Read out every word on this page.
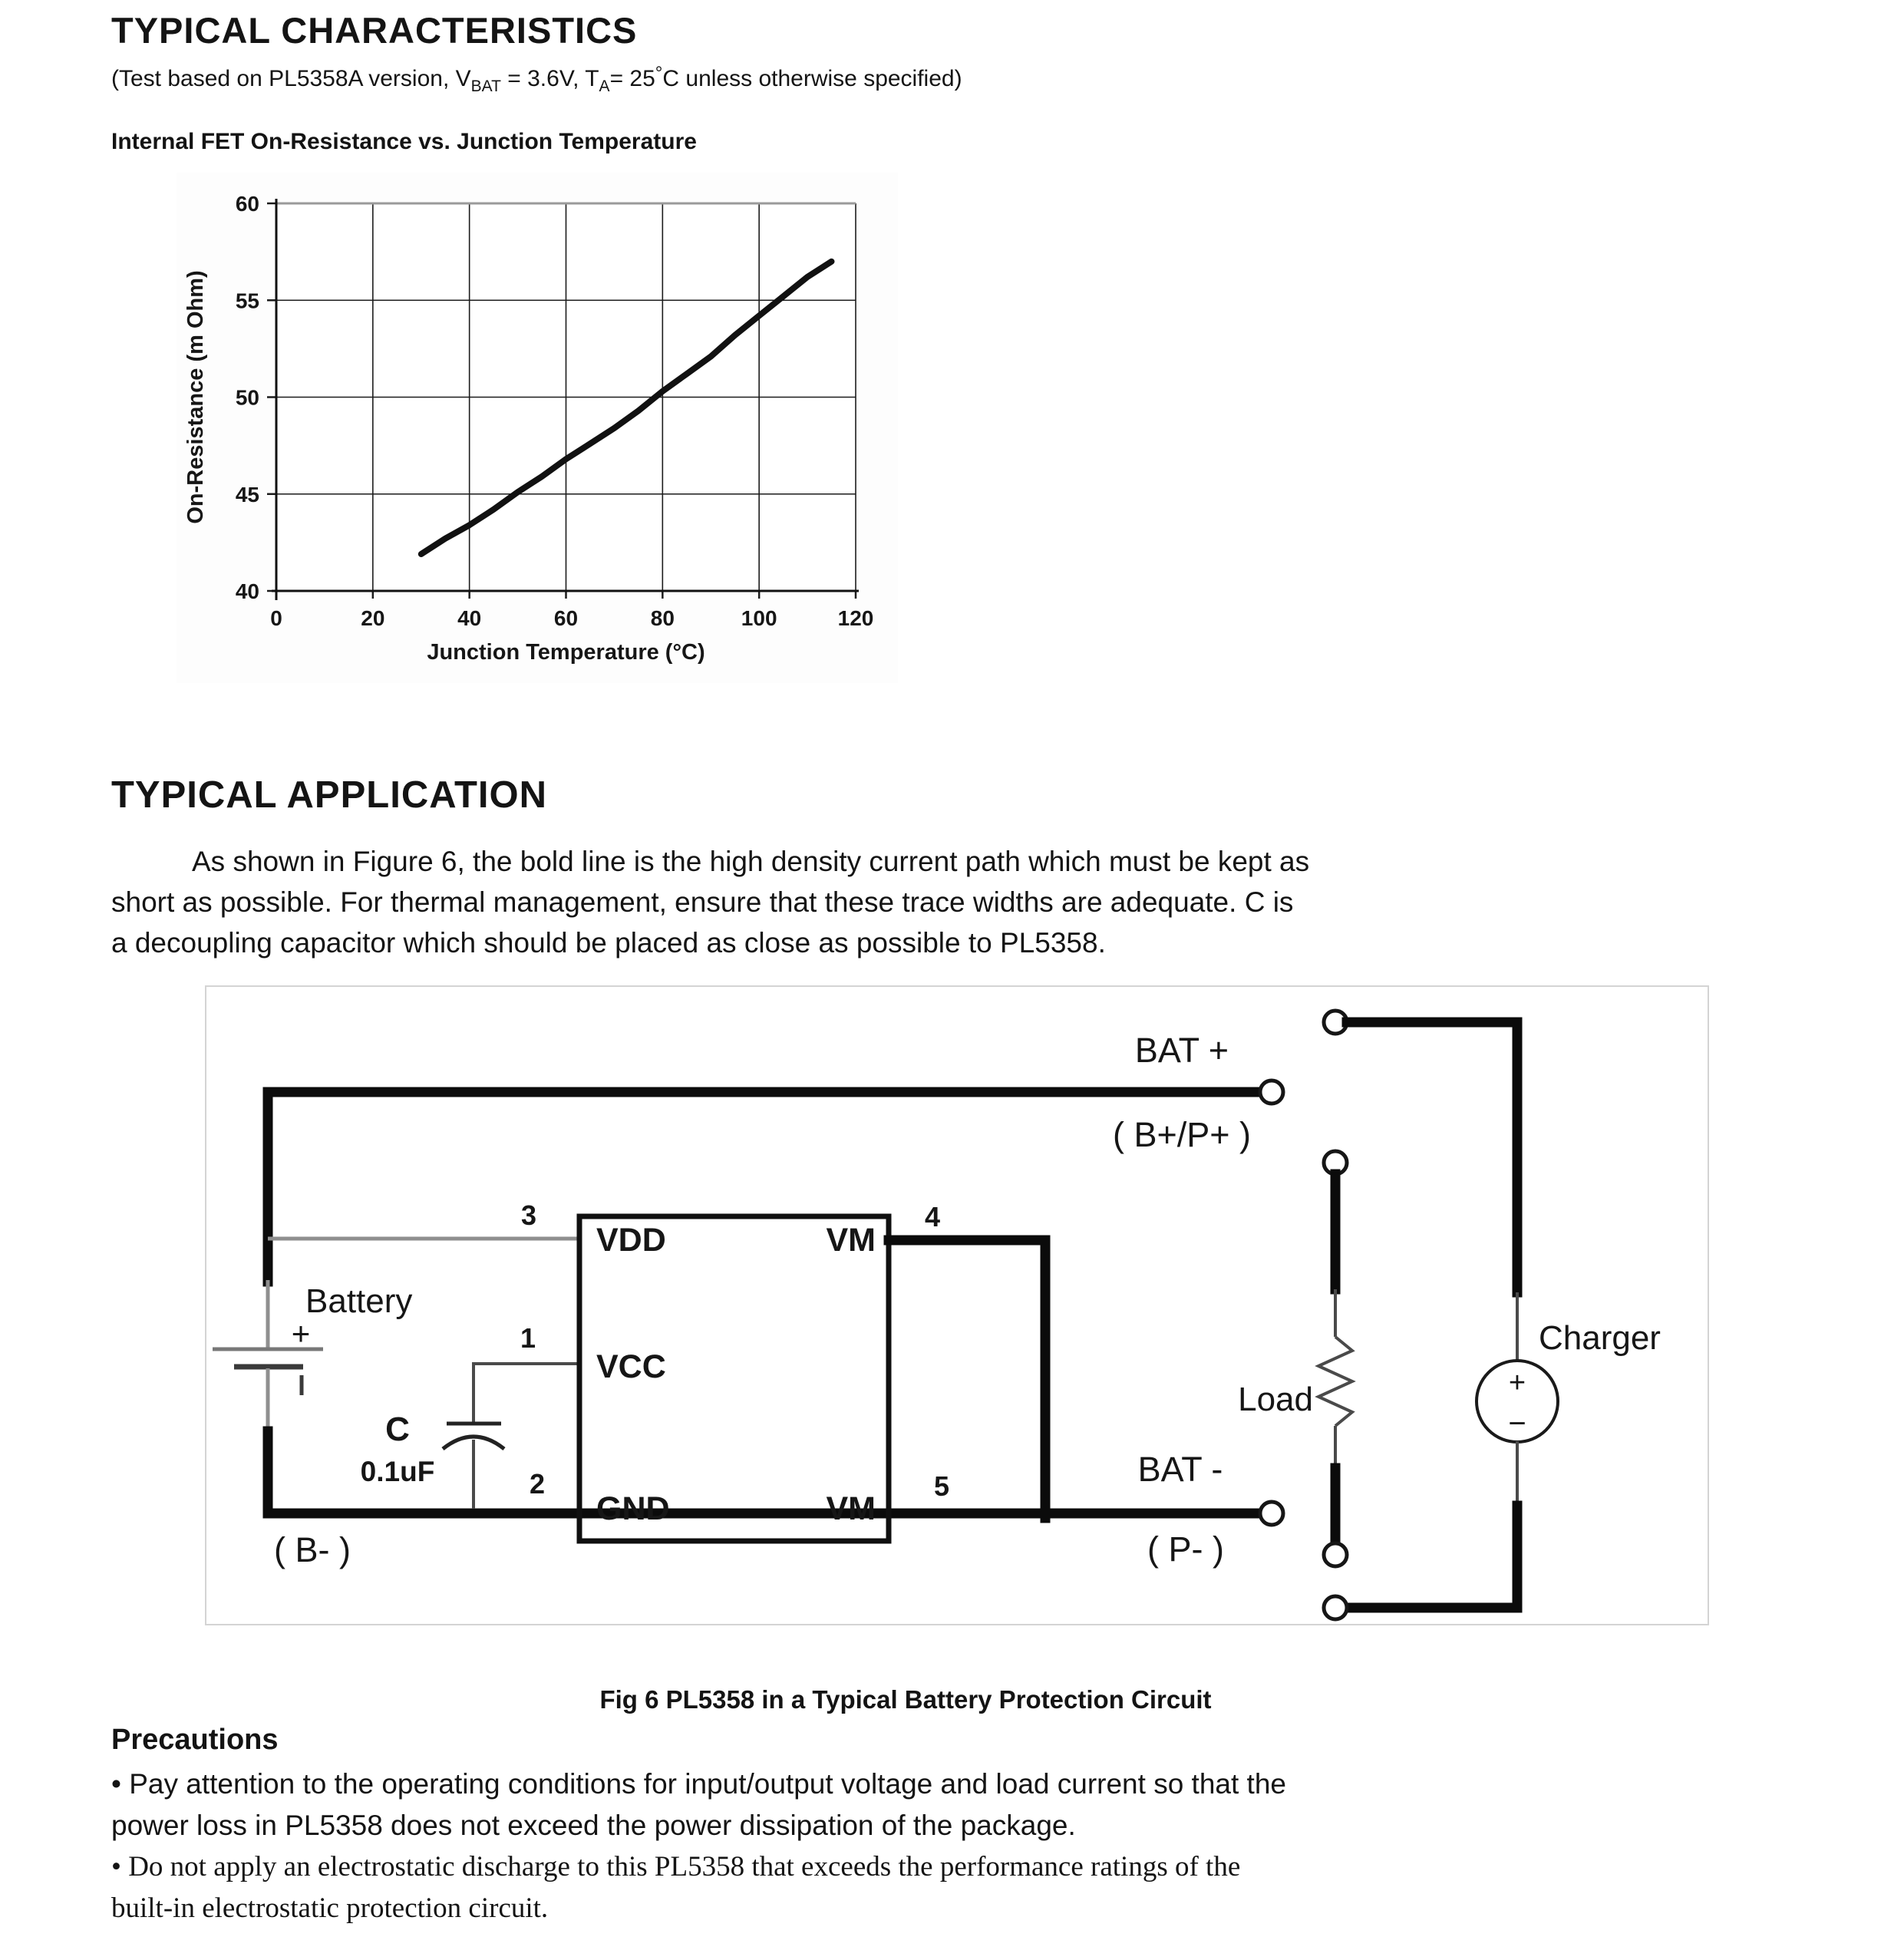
TYPICAL CHARACTERISTICS
(Test based on PL5358A version, $V_{BAT} = 3.6V$, $T_A= 25^\circ C$ unless otherwise specified)
Internal FET On-Resistance vs. Junction Temperature
0	20	40	60	80	100	120
40
45
50
55
60
Junction Temperature (°C)
On-Resistance (m Ohm)
TYPICAL APPLICATION
As shown in Figure 6, the bold line is the high density current path which must be kept as
short as possible. For thermal management, ensure that these trace widths are adequate. C is
a decoupling capacitor which should be placed as close as possible to PL5358.
Battery
+
3
1
C
0.1uF	2
VDD	VM
VCC
GND	VM
4
5
BAT +
( B+/P+ )
BAT -
( P- )
( B- )
Load	+
−
Charger
Fig 6 PL5358 in a Typical Battery Protection Circuit
Precautions
• Pay attention to the operating conditions for input/output voltage and load current so that the
power loss in PL5358 does not exceed the power dissipation of the package.
• Do not apply an electrostatic discharge to this PL5358 that exceeds the performance ratings of the
built-in electrostatic protection circuit.
